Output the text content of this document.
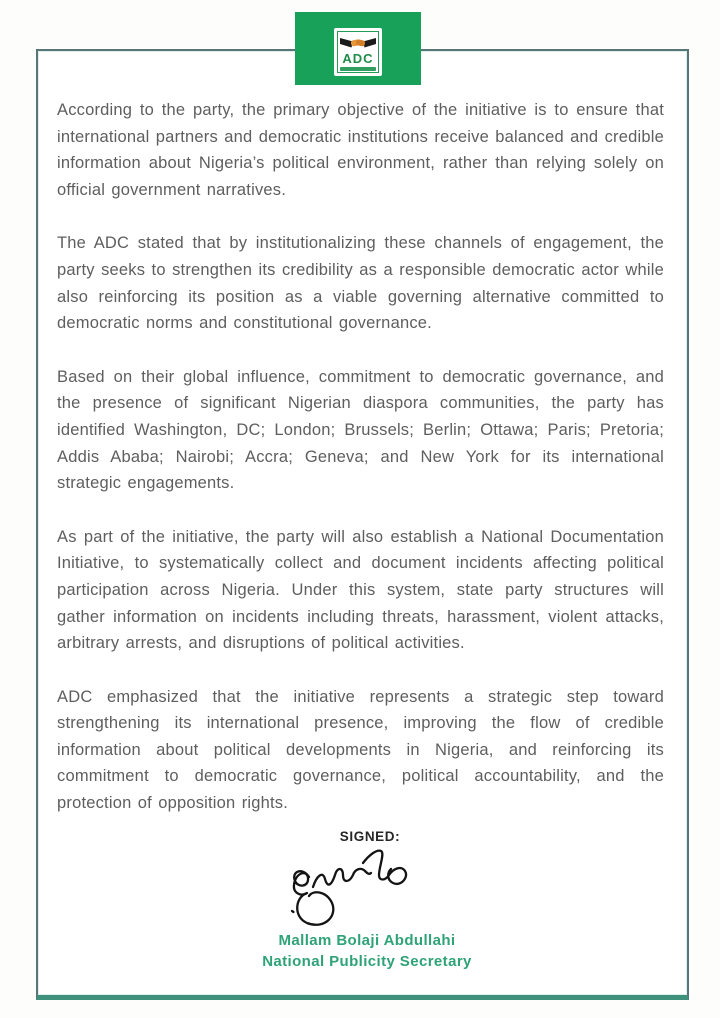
ADC

According to the party, the primary objective of the initiative is to ensure that international partners and democratic institutions receive balanced and credible information about Nigeria’s political environment, rather than relying solely on official government narratives.

The ADC stated that by institutionalizing these channels of engagement, the party seeks to strengthen its credibility as a responsible democratic actor while also reinforcing its position as a viable governing alternative committed to democratic norms and constitutional governance.

Based on their global influence, commitment to democratic governance, and the presence of significant Nigerian diaspora communities, the party has identified Washington, DC; London; Brussels; Berlin; Ottawa; Paris; Pretoria; Addis Ababa; Nairobi; Accra; Geneva; and New York for its international strategic engagements.

As part of the initiative, the party will also establish a National Documentation Initiative, to systematically collect and document incidents affecting political participation across Nigeria. Under this system, state party structures will gather information on incidents including threats, harassment, violent attacks, arbitrary arrests, and disruptions of political activities.

ADC emphasized that the initiative represents a strategic step toward strengthening its international presence, improving the flow of credible information about political developments in Nigeria, and reinforcing its commitment to democratic governance, political accountability, and the protection of opposition rights.

SIGNED:
Mallam Bolaji Abdullahi
National Publicity Secretary
